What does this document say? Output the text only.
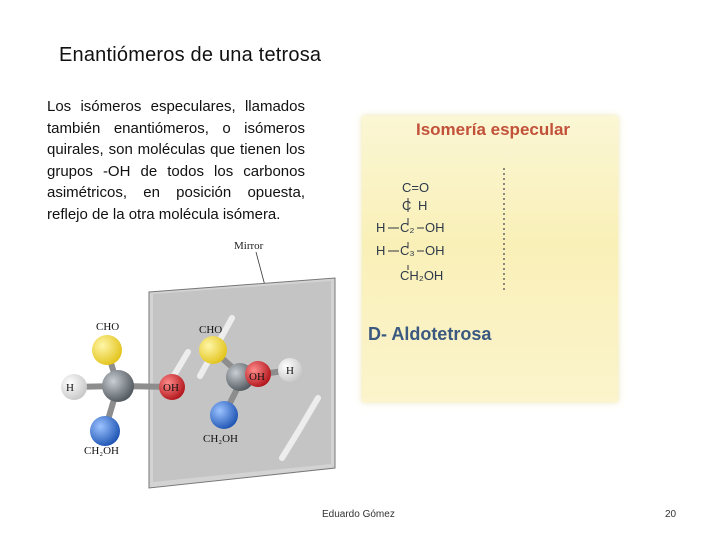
Enantiómeros de una tetrosa
Los isómeros especulares, llamados también enantiómeros, o isómeros quirales, son moléculas que tienen los grupos -OH de todos los carbonos asimétricos, en posición opuesta, reflejo de la otra molécula isómera.
Isomería especular
C=O
C H
H C₂ OH
H C₃ OH
CH₂OH
D- Aldotetrosa
Mirror
CHO
H	OH
CH₂OH
CHO
OH H
CH₂OH
Eduardo Gómez	20
